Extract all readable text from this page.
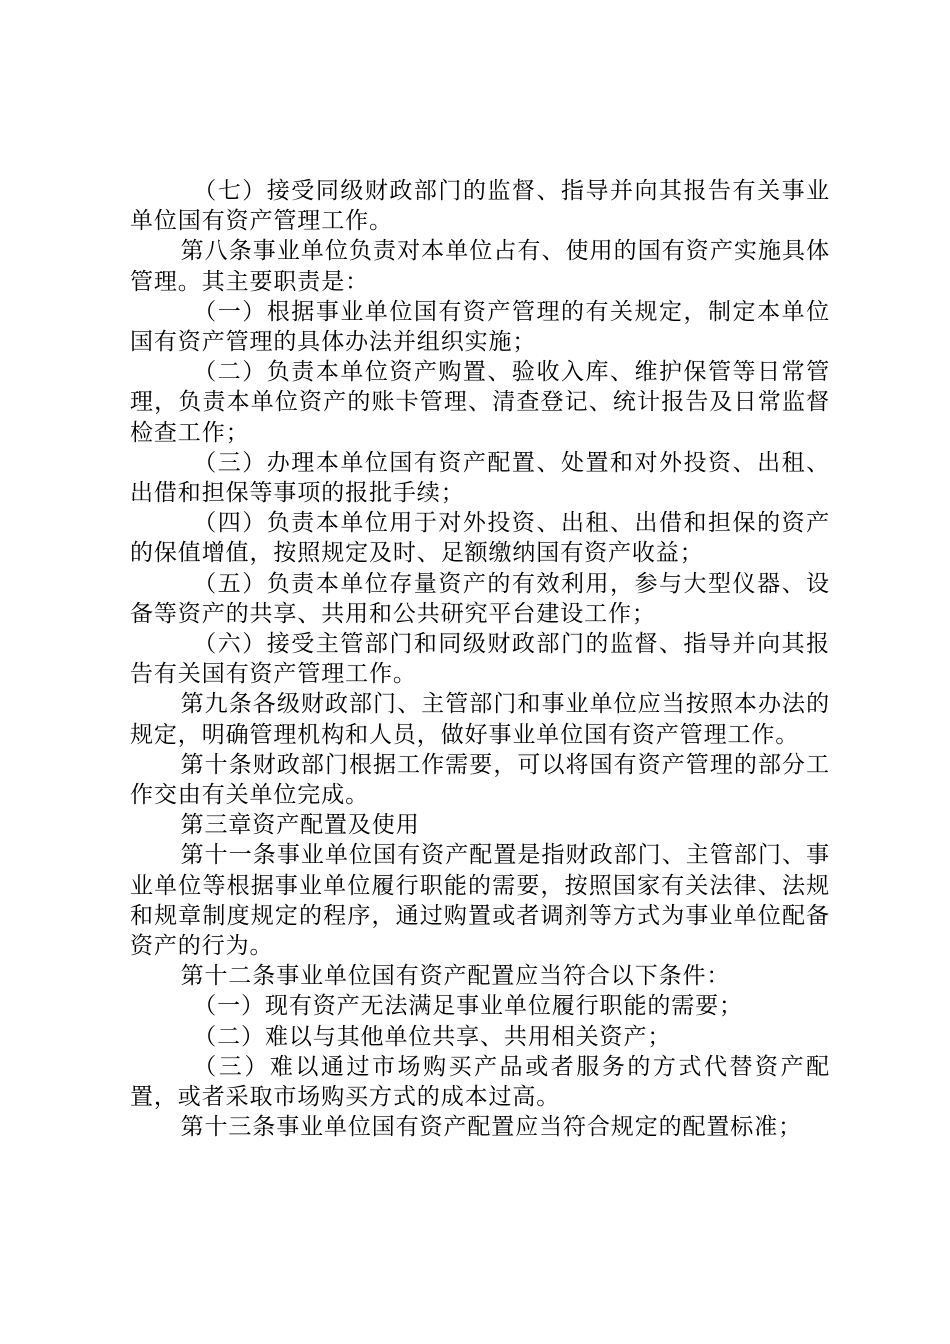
（七）接受同级财政部门的监督、指导并向其报告有关事业单位国有资产管理工作。

第八条事业单位负责对本单位占有、使用的国有资产实施具体管理。其主要职责是：

（一）根据事业单位国有资产管理的有关规定，制定本单位国有资产管理的具体办法并组织实施；

（二）负责本单位资产购置、验收入库、维护保管等日常管理，负责本单位资产的账卡管理、清查登记、统计报告及日常监督检查工作；

（三）办理本单位国有资产配置、处置和对外投资、出租、出借和担保等事项的报批手续；

（四）负责本单位用于对外投资、出租、出借和担保的资产的保值增值，按照规定及时、足额缴纳国有资产收益；

（五）负责本单位存量资产的有效利用，参与大型仪器、设备等资产的共享、共用和公共研究平台建设工作；

（六）接受主管部门和同级财政部门的监督、指导并向其报告有关国有资产管理工作。

第九条各级财政部门、主管部门和事业单位应当按照本办法的规定，明确管理机构和人员，做好事业单位国有资产管理工作。

第十条财政部门根据工作需要，可以将国有资产管理的部分工作交由有关单位完成。

第三章资产配置及使用

第十一条事业单位国有资产配置是指财政部门、主管部门、事业单位等根据事业单位履行职能的需要，按照国家有关法律、法规和规章制度规定的程序，通过购置或者调剂等方式为事业单位配备资产的行为。

第十二条事业单位国有资产配置应当符合以下条件：

（一）现有资产无法满足事业单位履行职能的需要；

（二）难以与其他单位共享、共用相关资产；

（三）难以通过市场购买产品或者服务的方式代替资产配置，或者采取市场购买方式的成本过高。

第十三条事业单位国有资产配置应当符合规定的配置标准；
